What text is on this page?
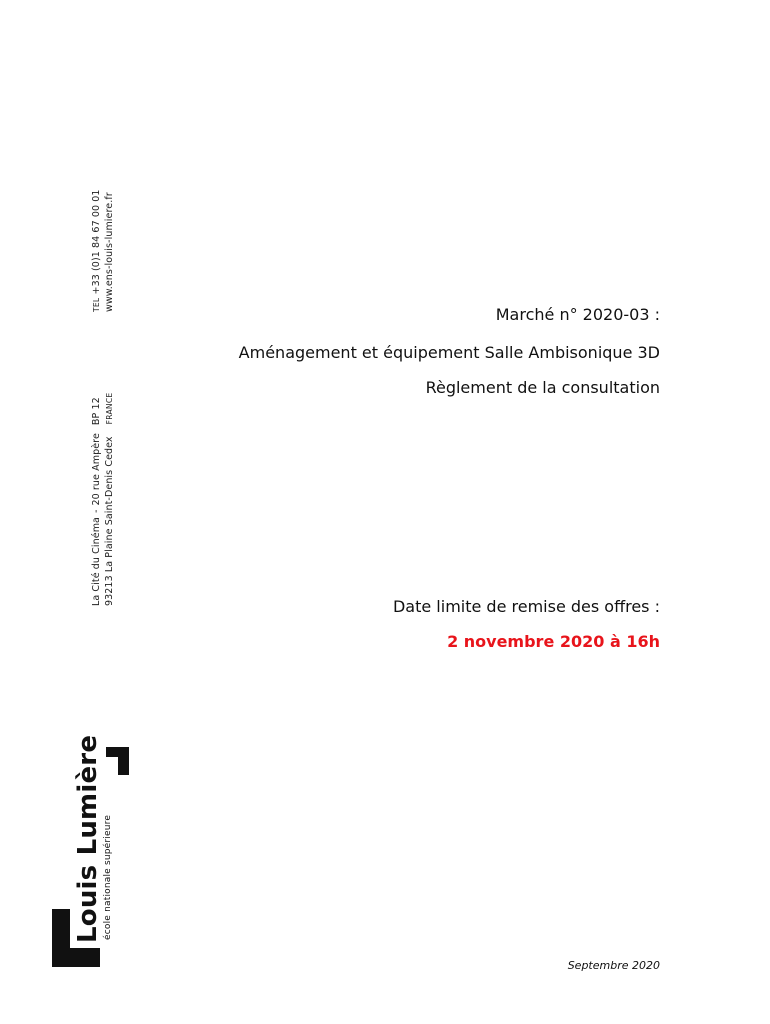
TEL +33 (0)1 84 67 00 01 www.ens-louis-lumiere.fr
La Cité du Cinéma-20 rue AmpèreBP 12
93213 La Plaine Saint-Denis CedexFRANCE
Marché n° 2020-03 :
Aménagement et équipement Salle Ambisonique 3D
Règlement de la consultation
Date limite de remise des offres :
2 novembre 2020 à 16h
Louis Lumière école nationale supérieure
Septembre 2020
